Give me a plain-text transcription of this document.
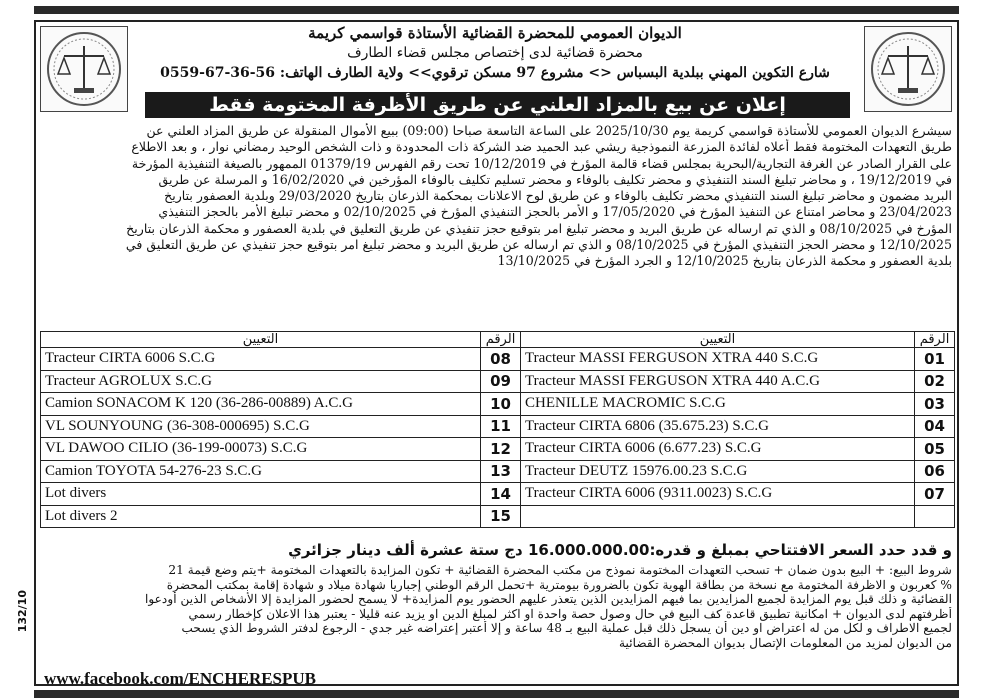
الديوان العمومي للمحضرة القضائية الأستاذة قواسمي كريمة
محضرة قضائية لدى إختصاص مجلس قضاء الطارف
شارع التكوين المهني ببلدية البسباس <> مشروع 97 مسكن ترقوي>> ولاية الطارف الهاتف: 56-36-67-0559
إعلان عن بيع بالمزاد العلني عن طريق الأظرفة المختومة فقط
سيشرع الديوان العمومي للأستاذة قواسمي كريمة يوم 2025/10/30 على الساعة التاسعة صباحا (09:00) ببيع الأموال المنقولة عن طريق المزاد العلني عن
طريق التعهدات المختومة فقط أعلاه لفائدة المزرعة النموذجية ريشي عبد الحميد ضد الشركة ذات المحدودة و ذات الشخص الوحيد رمضاني نوار ، و بعد الاطلاع
على القرار الصادر عن الغرفة التجارية/البحرية بمجلس قضاء قالمة المؤرخ في 10/12/2019 تحت رقم الفهرس 01379/19 الممهور بالصيغة التنفيذية المؤرخة
في 19/12/2019 ، و محاضر تبليغ السند التنفيذي و محضر تكليف بالوفاء و محضر تسليم تكليف بالوفاء المؤرخين في 16/02/2020 و المرسلة عن طريق
البريد مضمون و محاضر تبليغ السند التنفيذي محضر تكليف بالوفاء و عن طريق لوح الاعلانات بمحكمة الذرعان بتاريخ 29/03/2020 وبلدية العصفور بتاريخ
23/04/2023 و محاضر امتناع عن التنفيذ المؤرخ في 17/05/2020 و الأمر بالحجز التنفيذي المؤرخ في 02/10/2025 و محضر تبليغ الأمر بالحجز التنفيذي
المؤرخ في 08/10/2025 و الذي تم ارساله عن طريق البريد و محضر تبليغ امر بتوقيع حجز تنفيذي عن طريق التعليق في بلدية العصفور و محكمة الذرعان بتاريخ
12/10/2025 و محضر الحجز التنفيذي المؤرخ في 08/10/2025 و الذي تم ارساله عن طريق البريد و محضر تبليغ امر بتوقيع حجز تنفيذي عن طريق التعليق في
بلدية العصفور و محكمة الذرعان بتاريخ 12/10/2025 و الجرد المؤرخ في 13/10/2025
التعيين	الرقم	التعيين	الرقم
Tracteur CIRTA 6006 S.C.G	08	Tracteur MASSI FERGUSON XTRA 440 S.C.G	01
Tracteur AGROLUX S.C.G	09	Tracteur MASSI FERGUSON XTRA 440 A.C.G	02
Camion SONACOM K 120 (36-286-00889) A.C.G	10	CHENILLE MACROMIC S.C.G	03
VL SOUNYOUNG (36-308-000695) S.C.G	11	Tracteur CIRTA 6806 (35.675.23) S.C.G	04
VL DAWOO CILIO (36-199-00073) S.C.G	12	Tracteur CIRTA 6006 (6.677.23) S.C.G	05
Camion TOYOTA 54-276-23 S.C.G	13	Tracteur DEUTZ 15976.00.23 S.C.G	06
Lot divers	14	Tracteur CIRTA 6006 (9311.0023) S.C.G	07
Lot divers 2	15		
و قدد حدد السعر الافتتاحي بمبلغ و قدره:16.000.000.00 دج ستة عشرة ألف دينار جزائري
شروط البيع: + البيع بدون ضمان + تسحب التعهدات المختومة نموذج من مكتب المحضرة القضائية + تكون المزايدة بالتعهدات المختومة +يتم وضع قيمة 21
% كعربون و الاظرفة المختومة مع نسخة من بطاقة الهوية تكون بالضرورة بيومترية +تحمل الرقم الوطني إجباريا شهادة ميلاد و شهادة إقامة بمكتب المحضرة
القضائية و ذلك قبل يوم المزايدة لجميع المزايدين بما فيهم المزايدين الذين يتعذر عليهم الحضور يوم المزايدة+ لا يسمح لحضور المزايدة إلا الأشخاص الذين أودعوا
أظرفتهم لدى الديوان + امكانية تطبيق قاعدة كف البيع في حال وصول حصة واحدة او اكثر لمبلغ الدين او يزيد عنه قليلا - يعتبر هذا الاعلان كإخطار رسمي
لجميع الاطراف و لكل من له اعتراض او دين أن يسجل ذلك قبل عملية البيع بـ 48 ساعة و إلا أعتبر إعتراضه غير جدي - الرجوع لدفتر الشروط الذي يسحب
من الديوان لمزيد من المعلومات الإتصال بديوان المحضرة القضائية
132/10
www.facebook.com/ENCHERESPUB
